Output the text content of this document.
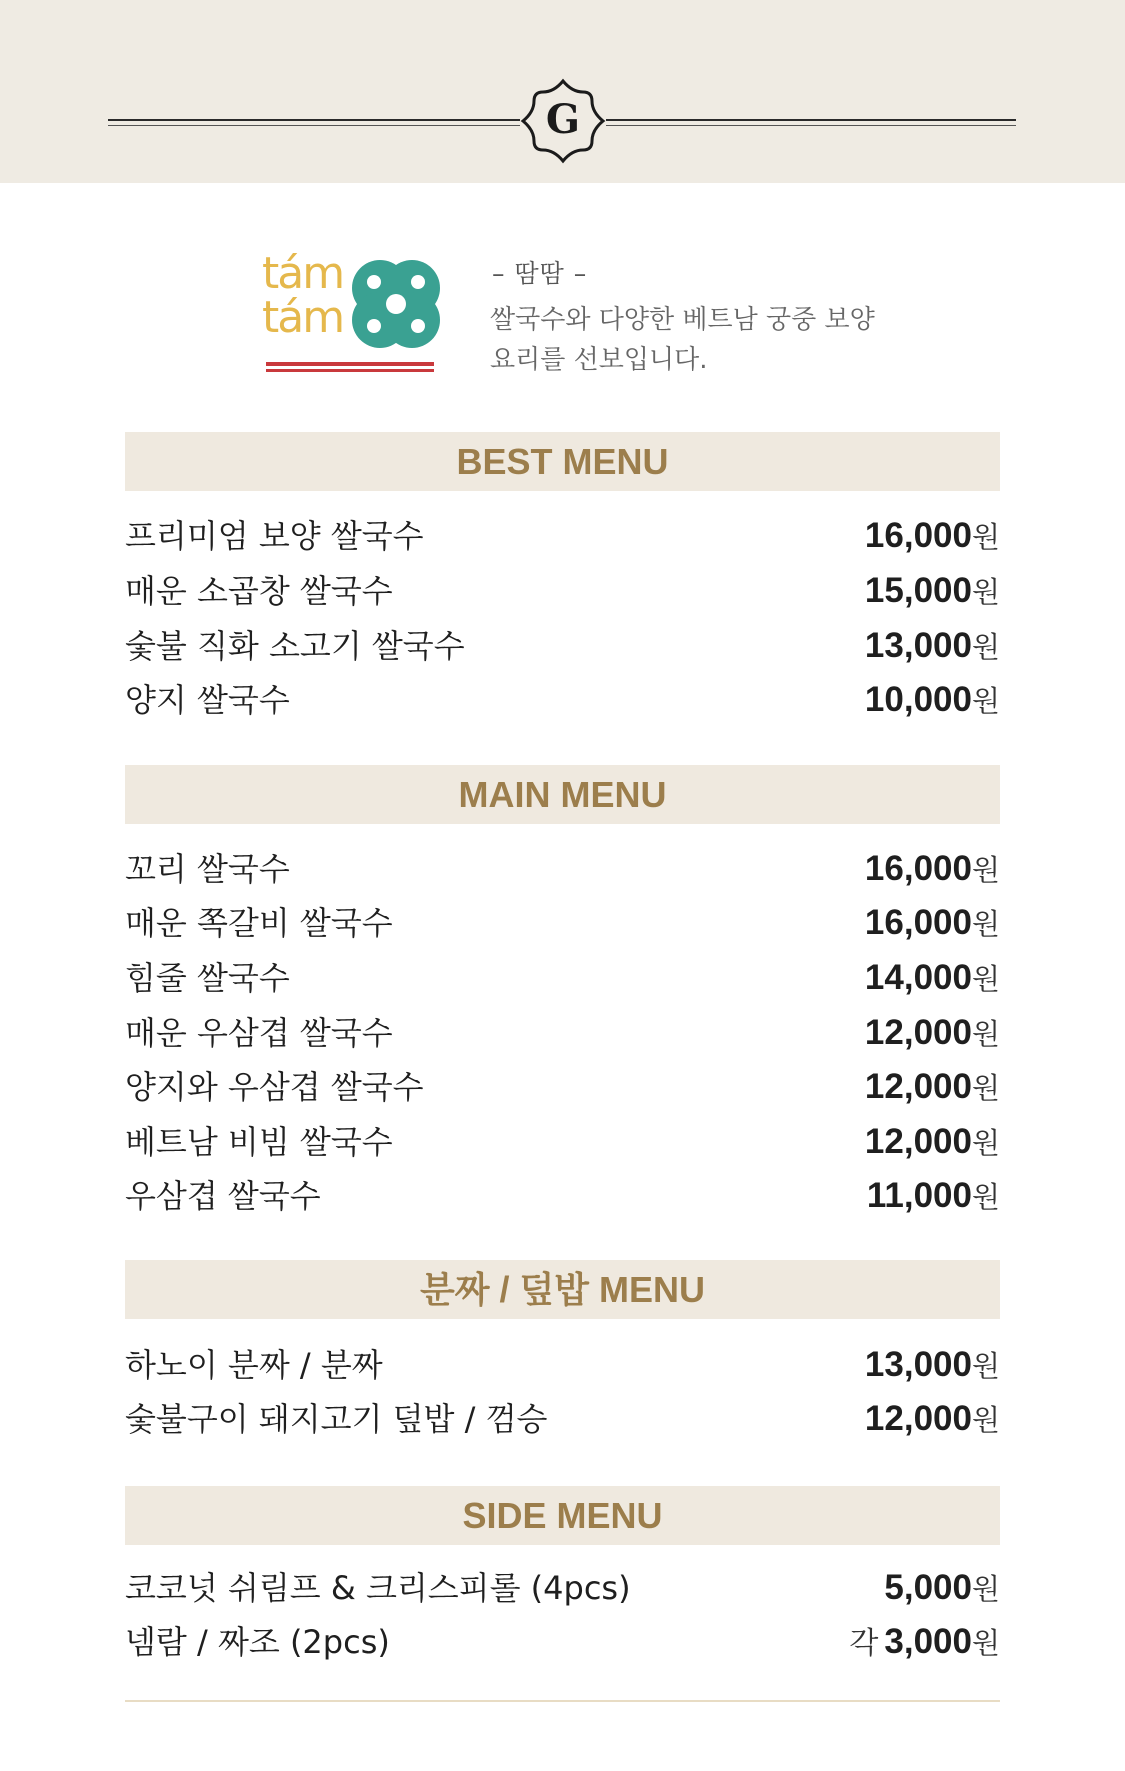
G
tám
tám
– 땀땀 –
쌀국수와 다양한 베트남 궁중 보양
요리를 선보입니다.
BEST MENU
프리미엄 보양 쌀국수	16,000원
매운 소곱창 쌀국수	15,000원
숯불 직화 소고기 쌀국수	13,000원
양지 쌀국수	10,000원
MAIN MENU
꼬리 쌀국수	16,000원
매운 쪽갈비 쌀국수	16,000원
힘줄 쌀국수	14,000원
매운 우삼겹 쌀국수	12,000원
양지와 우삼겹 쌀국수	12,000원
베트남 비빔 쌀국수	12,000원
우삼겹 쌀국수	11,000원
분짜 / 덮밥 MENU
하노이 분짜 / 분짜	13,000원
숯불구이 돼지고기 덮밥 / 껌승	12,000원
SIDE MENU
코코넛 쉬림프 & 크리스피롤 (4pcs)	5,000원
넴람 / 짜조 (2pcs)	각 3,000원
